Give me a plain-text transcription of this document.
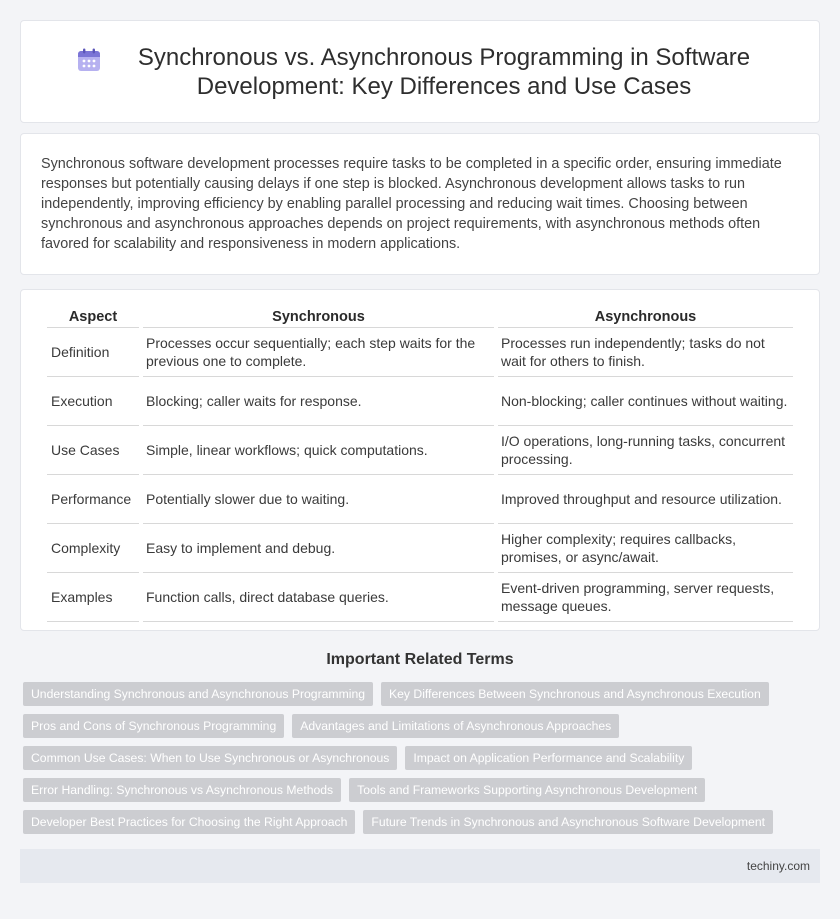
Synchronous vs. Asynchronous Programming in Software Development: Key Differences and Use Cases

Synchronous software development processes require tasks to be completed in a specific order, ensuring immediate responses but potentially causing delays if one step is blocked. Asynchronous development allows tasks to run independently, improving efficiency by enabling parallel processing and reducing wait times. Choosing between synchronous and asynchronous approaches depends on project requirements, with asynchronous methods often favored for scalability and responsiveness in modern applications.

Aspect	Synchronous	Asynchronous
Definition	Processes occur sequentially; each step waits for the previous one to complete.	Processes run independently; tasks do not wait for others to finish.
Execution	Blocking; caller waits for response.	Non-blocking; caller continues without waiting.
Use Cases	Simple, linear workflows; quick computations.	I/O operations, long-running tasks, concurrent processing.
Performance	Potentially slower due to waiting.	Improved throughput and resource utilization.
Complexity	Easy to implement and debug.	Higher complexity; requires callbacks, promises, or async/await.
Examples	Function calls, direct database queries.	Event-driven programming, server requests, message queues.
Important Related Terms
Understanding Synchronous and Asynchronous Programming	Key Differences Between Synchronous and Asynchronous Execution
Pros and Cons of Synchronous Programming	Advantages and Limitations of Asynchronous Approaches
Common Use Cases: When to Use Synchronous or Asynchronous	Impact on Application Performance and Scalability
Error Handling: Synchronous vs Asynchronous Methods	Tools and Frameworks Supporting Asynchronous Development
Developer Best Practices for Choosing the Right Approach	Future Trends in Synchronous and Asynchronous Software Development
techiny.com
